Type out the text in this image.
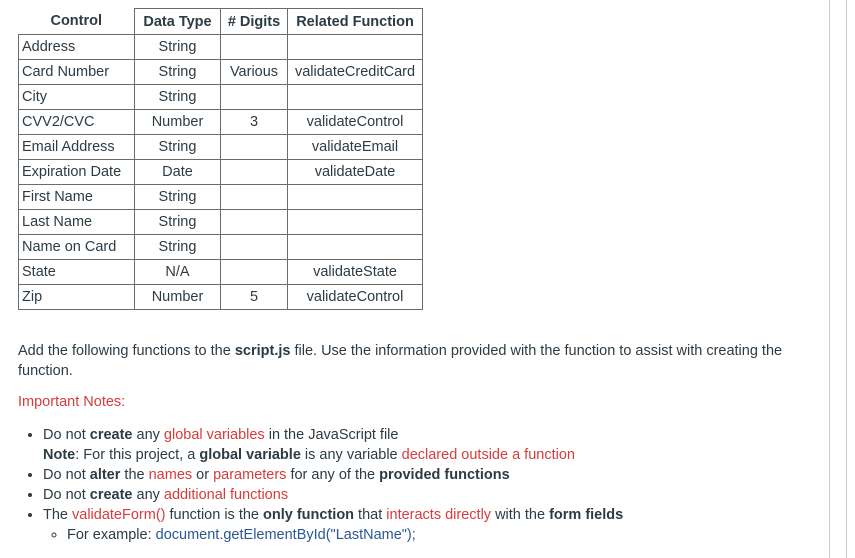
Control	Data Type	# Digits	Related Function
Address	String		
Card Number	String	Various	validateCreditCard
City	String		
CVV2/CVC	Number	3	validateControl
Email Address	String		validateEmail
Expiration Date	Date		validateDate
First Name	String		
Last Name	String		
Name on Card	String		
State	N/A		validateState
Zip	Number	5	validateControl

Add the following functions to the script.js file. Use the information provided with the function to assist with creating the function.

Important Notes:

• Do not create any global variables in the JavaScript file
Note: For this project, a global variable is any variable declared outside a function
• Do not alter the names or parameters for any of the provided functions
• Do not create any additional functions
• The validateForm() function is the only function that interacts directly with the form fields
◦ For example: document.getElementById("LastName");
